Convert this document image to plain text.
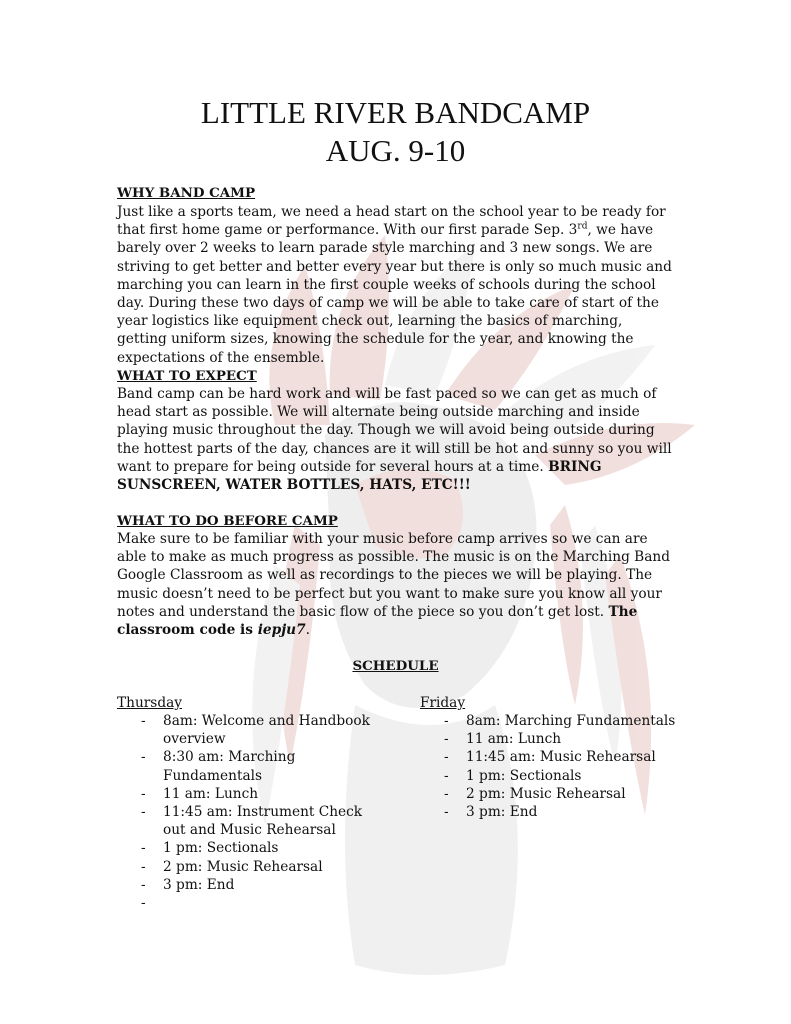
LITTLE RIVER BANDCAMP
AUG. 9-10
WHY BAND CAMP

Just like a sports team, we need a head start on the school year to be ready for that first home game or performance. With our first parade Sep. 3rd, we have barely over 2 weeks to learn parade style marching and 3 new songs. We are striving to get better and better every year but there is only so much music and marching you can learn in the first couple weeks of schools during the school day. During these two days of camp we will be able to take care of start of the year logistics like equipment check out, learning the basics of marching, getting uniform sizes, knowing the schedule for the year, and knowing the expectations of the ensemble.

WHAT TO EXPECT

Band camp can be hard work and will be fast paced so we can get as much of head start as possible. We will alternate being outside marching and inside playing music throughout the day. Though we will avoid being outside during the hottest parts of the day, chances are it will still be hot and sunny so you will want to prepare for being outside for several hours at a time. BRING SUNSCREEN, WATER BOTTLES, HATS, ETC!!!

WHAT TO DO BEFORE CAMP

Make sure to be familiar with your music before camp arrives so we can are able to make as much progress as possible. The music is on the Marching Band Google Classroom as well as recordings to the pieces we will be playing. The music doesn’t need to be perfect but you want to make sure you know all your notes and understand the basic flow of the piece so you don’t get lost. The classroom code is iepju7.

SCHEDULE
Thursday
- 8am: Welcome and Handbook overview
- 8:30 am: Marching Fundamentals
- 11 am: Lunch
- 11:45 am: Instrument Check out and Music Rehearsal
- 1 pm: Sectionals
- 2 pm: Music Rehearsal
- 3 pm: End
-
Friday
- 8am: Marching Fundamentals
- 11 am: Lunch
- 11:45 am: Music Rehearsal
- 1 pm: Sectionals
- 2 pm: Music Rehearsal
- 3 pm: End
